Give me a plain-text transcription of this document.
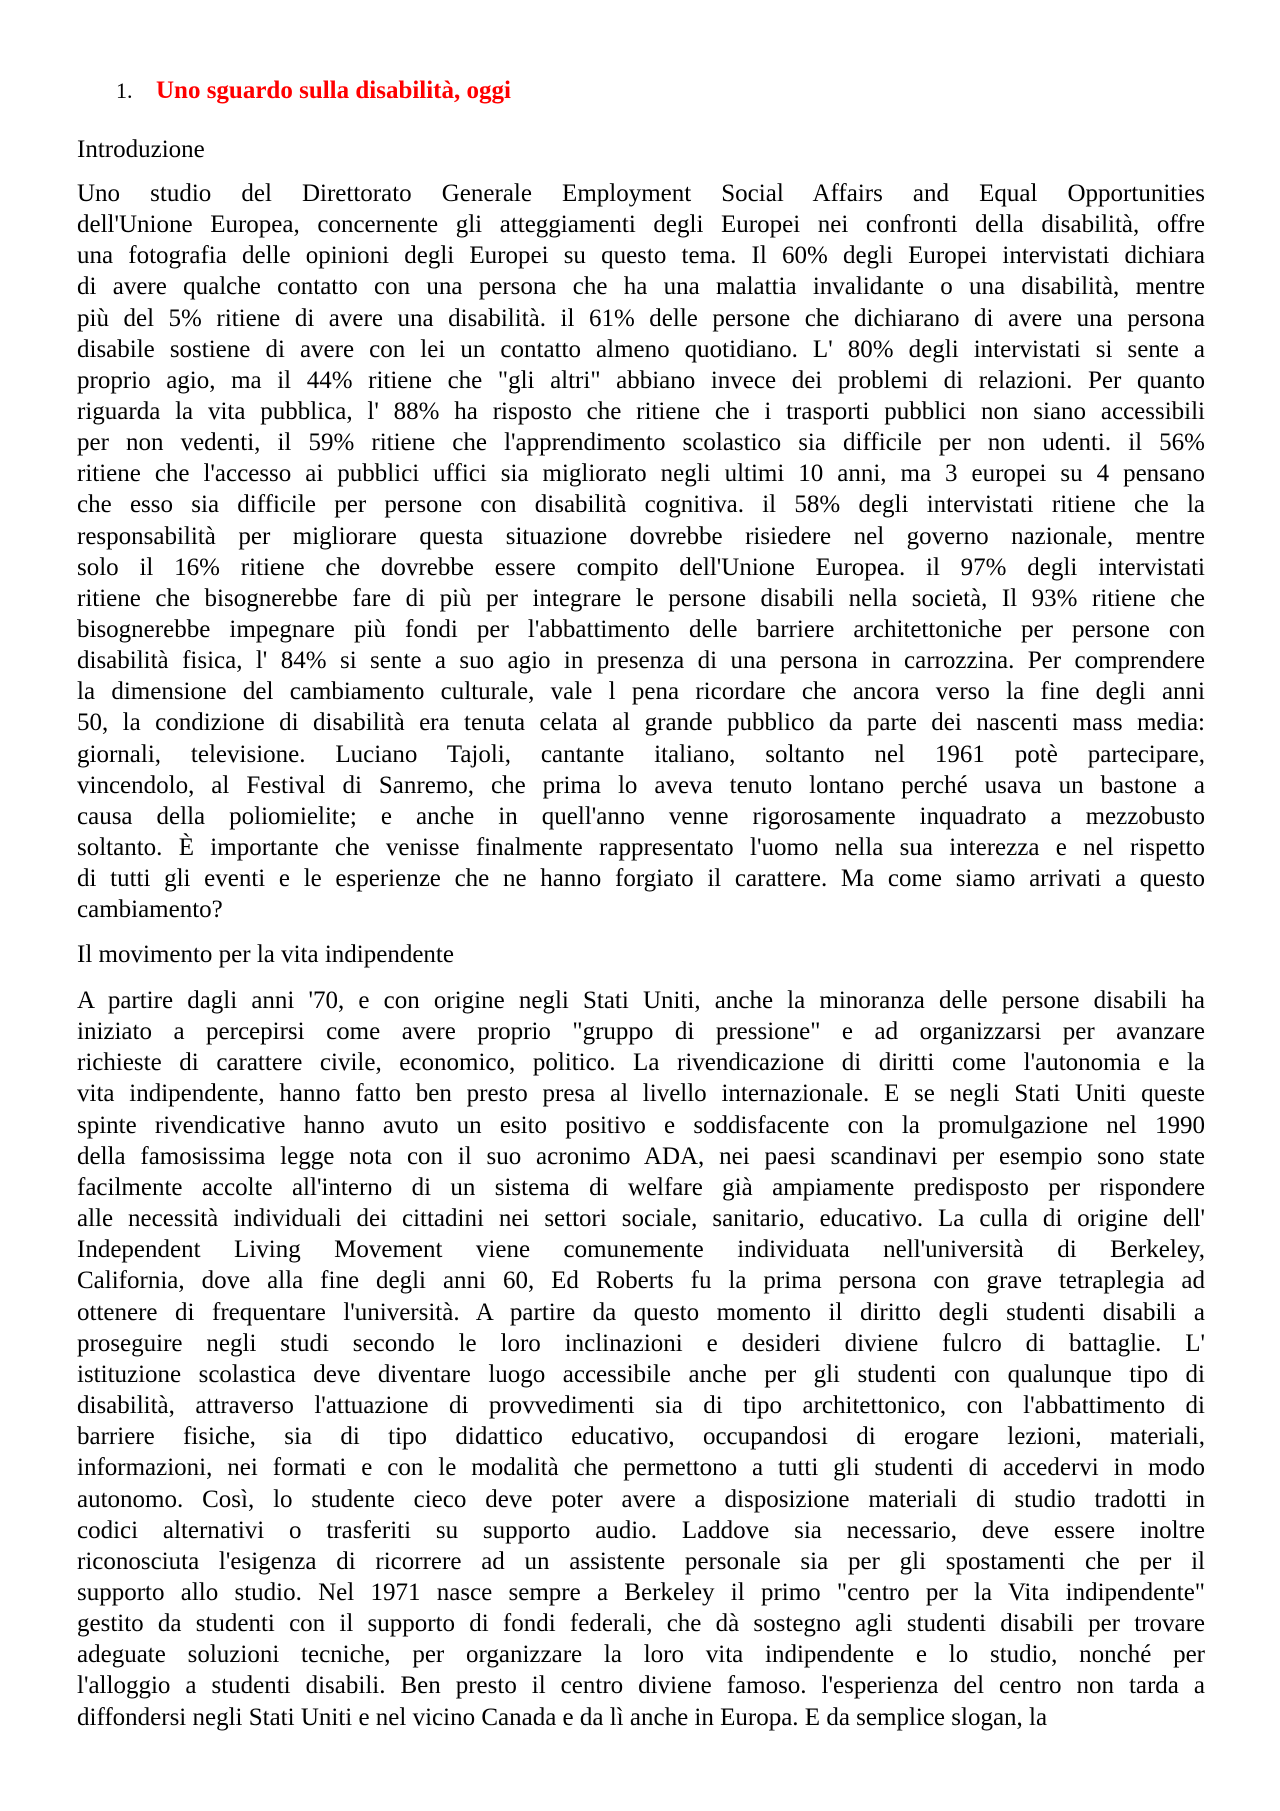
1. Uno sguardo sulla disabilità, oggi
Introduzione
Uno studio del Direttorato Generale Employment Social Affairs and Equal Opportunities
dell'Unione Europea, concernente gli atteggiamenti degli Europei nei confronti della disabilità, offre
una fotografia delle opinioni degli Europei su questo tema. Il 60% degli Europei intervistati dichiara
di avere qualche contatto con una persona che ha una malattia invalidante o una disabilità, mentre
più del 5% ritiene di avere una disabilità. il 61% delle persone che dichiarano di avere una persona
disabile sostiene di avere con lei un contatto almeno quotidiano. L' 80% degli intervistati si sente a
proprio agio, ma il 44% ritiene che "gli altri" abbiano invece dei problemi di relazioni. Per quanto
riguarda la vita pubblica, l' 88% ha risposto che ritiene che i trasporti pubblici non siano accessibili
per non vedenti, il 59% ritiene che l'apprendimento scolastico sia difficile per non udenti. il 56%
ritiene che l'accesso ai pubblici uffici sia migliorato negli ultimi 10 anni, ma 3 europei su 4 pensano
che esso sia difficile per persone con disabilità cognitiva. il 58% degli intervistati ritiene che la
responsabilità per migliorare questa situazione dovrebbe risiedere nel governo nazionale, mentre
solo il 16% ritiene che dovrebbe essere compito dell'Unione Europea. il 97% degli intervistati
ritiene che bisognerebbe fare di più per integrare le persone disabili nella società, Il 93% ritiene che
bisognerebbe impegnare più fondi per l'abbattimento delle barriere architettoniche per persone con
disabilità fisica, l' 84% si sente a suo agio in presenza di una persona in carrozzina. Per comprendere
la dimensione del cambiamento culturale, vale l pena ricordare che ancora verso la fine degli anni
50, la condizione di disabilità era tenuta celata al grande pubblico da parte dei nascenti mass media:
giornali, televisione. Luciano Tajoli, cantante italiano, soltanto nel 1961 potè partecipare,
vincendolo, al Festival di Sanremo, che prima lo aveva tenuto lontano perché usava un bastone a
causa della poliomielite; e anche in quell'anno venne rigorosamente inquadrato a mezzobusto
soltanto. È importante che venisse finalmente rappresentato l'uomo nella sua interezza e nel rispetto
di tutti gli eventi e le esperienze che ne hanno forgiato il carattere. Ma come siamo arrivati a questo
cambiamento?
Il movimento per la vita indipendente
A partire dagli anni '70, e con origine negli Stati Uniti, anche la minoranza delle persone disabili ha
iniziato a percepirsi come avere proprio "gruppo di pressione" e ad organizzarsi per avanzare
richieste di carattere civile, economico, politico. La rivendicazione di diritti come l'autonomia e la
vita indipendente, hanno fatto ben presto presa al livello internazionale. E se negli Stati Uniti queste
spinte rivendicative hanno avuto un esito positivo e soddisfacente con la promulgazione nel 1990
della famosissima legge nota con il suo acronimo ADA, nei paesi scandinavi per esempio sono state
facilmente accolte all'interno di un sistema di welfare già ampiamente predisposto per rispondere
alle necessità individuali dei cittadini nei settori sociale, sanitario, educativo. La culla di origine dell'
Independent Living Movement viene comunemente individuata nell'università di Berkeley,
California, dove alla fine degli anni 60, Ed Roberts fu la prima persona con grave tetraplegia ad
ottenere di frequentare l'università. A partire da questo momento il diritto degli studenti disabili a
proseguire negli studi secondo le loro inclinazioni e desideri diviene fulcro di battaglie. L'
istituzione scolastica deve diventare luogo accessibile anche per gli studenti con qualunque tipo di
disabilità, attraverso l'attuazione di provvedimenti sia di tipo architettonico, con l'abbattimento di
barriere fisiche, sia di tipo didattico educativo, occupandosi di erogare lezioni, materiali,
informazioni, nei formati e con le modalità che permettono a tutti gli studenti di accedervi in modo
autonomo. Così, lo studente cieco deve poter avere a disposizione materiali di studio tradotti in
codici alternativi o trasferiti su supporto audio. Laddove sia necessario, deve essere inoltre
riconosciuta l'esigenza di ricorrere ad un assistente personale sia per gli spostamenti che per il
supporto allo studio. Nel 1971 nasce sempre a Berkeley il primo "centro per la Vita indipendente"
gestito da studenti con il supporto di fondi federali, che dà sostegno agli studenti disabili per trovare
adeguate soluzioni tecniche, per organizzare la loro vita indipendente e lo studio, nonché per
l'alloggio a studenti disabili. Ben presto il centro diviene famoso. l'esperienza del centro non tarda a
diffondersi negli Stati Uniti e nel vicino Canada e da lì anche in Europa. E da semplice slogan, la
